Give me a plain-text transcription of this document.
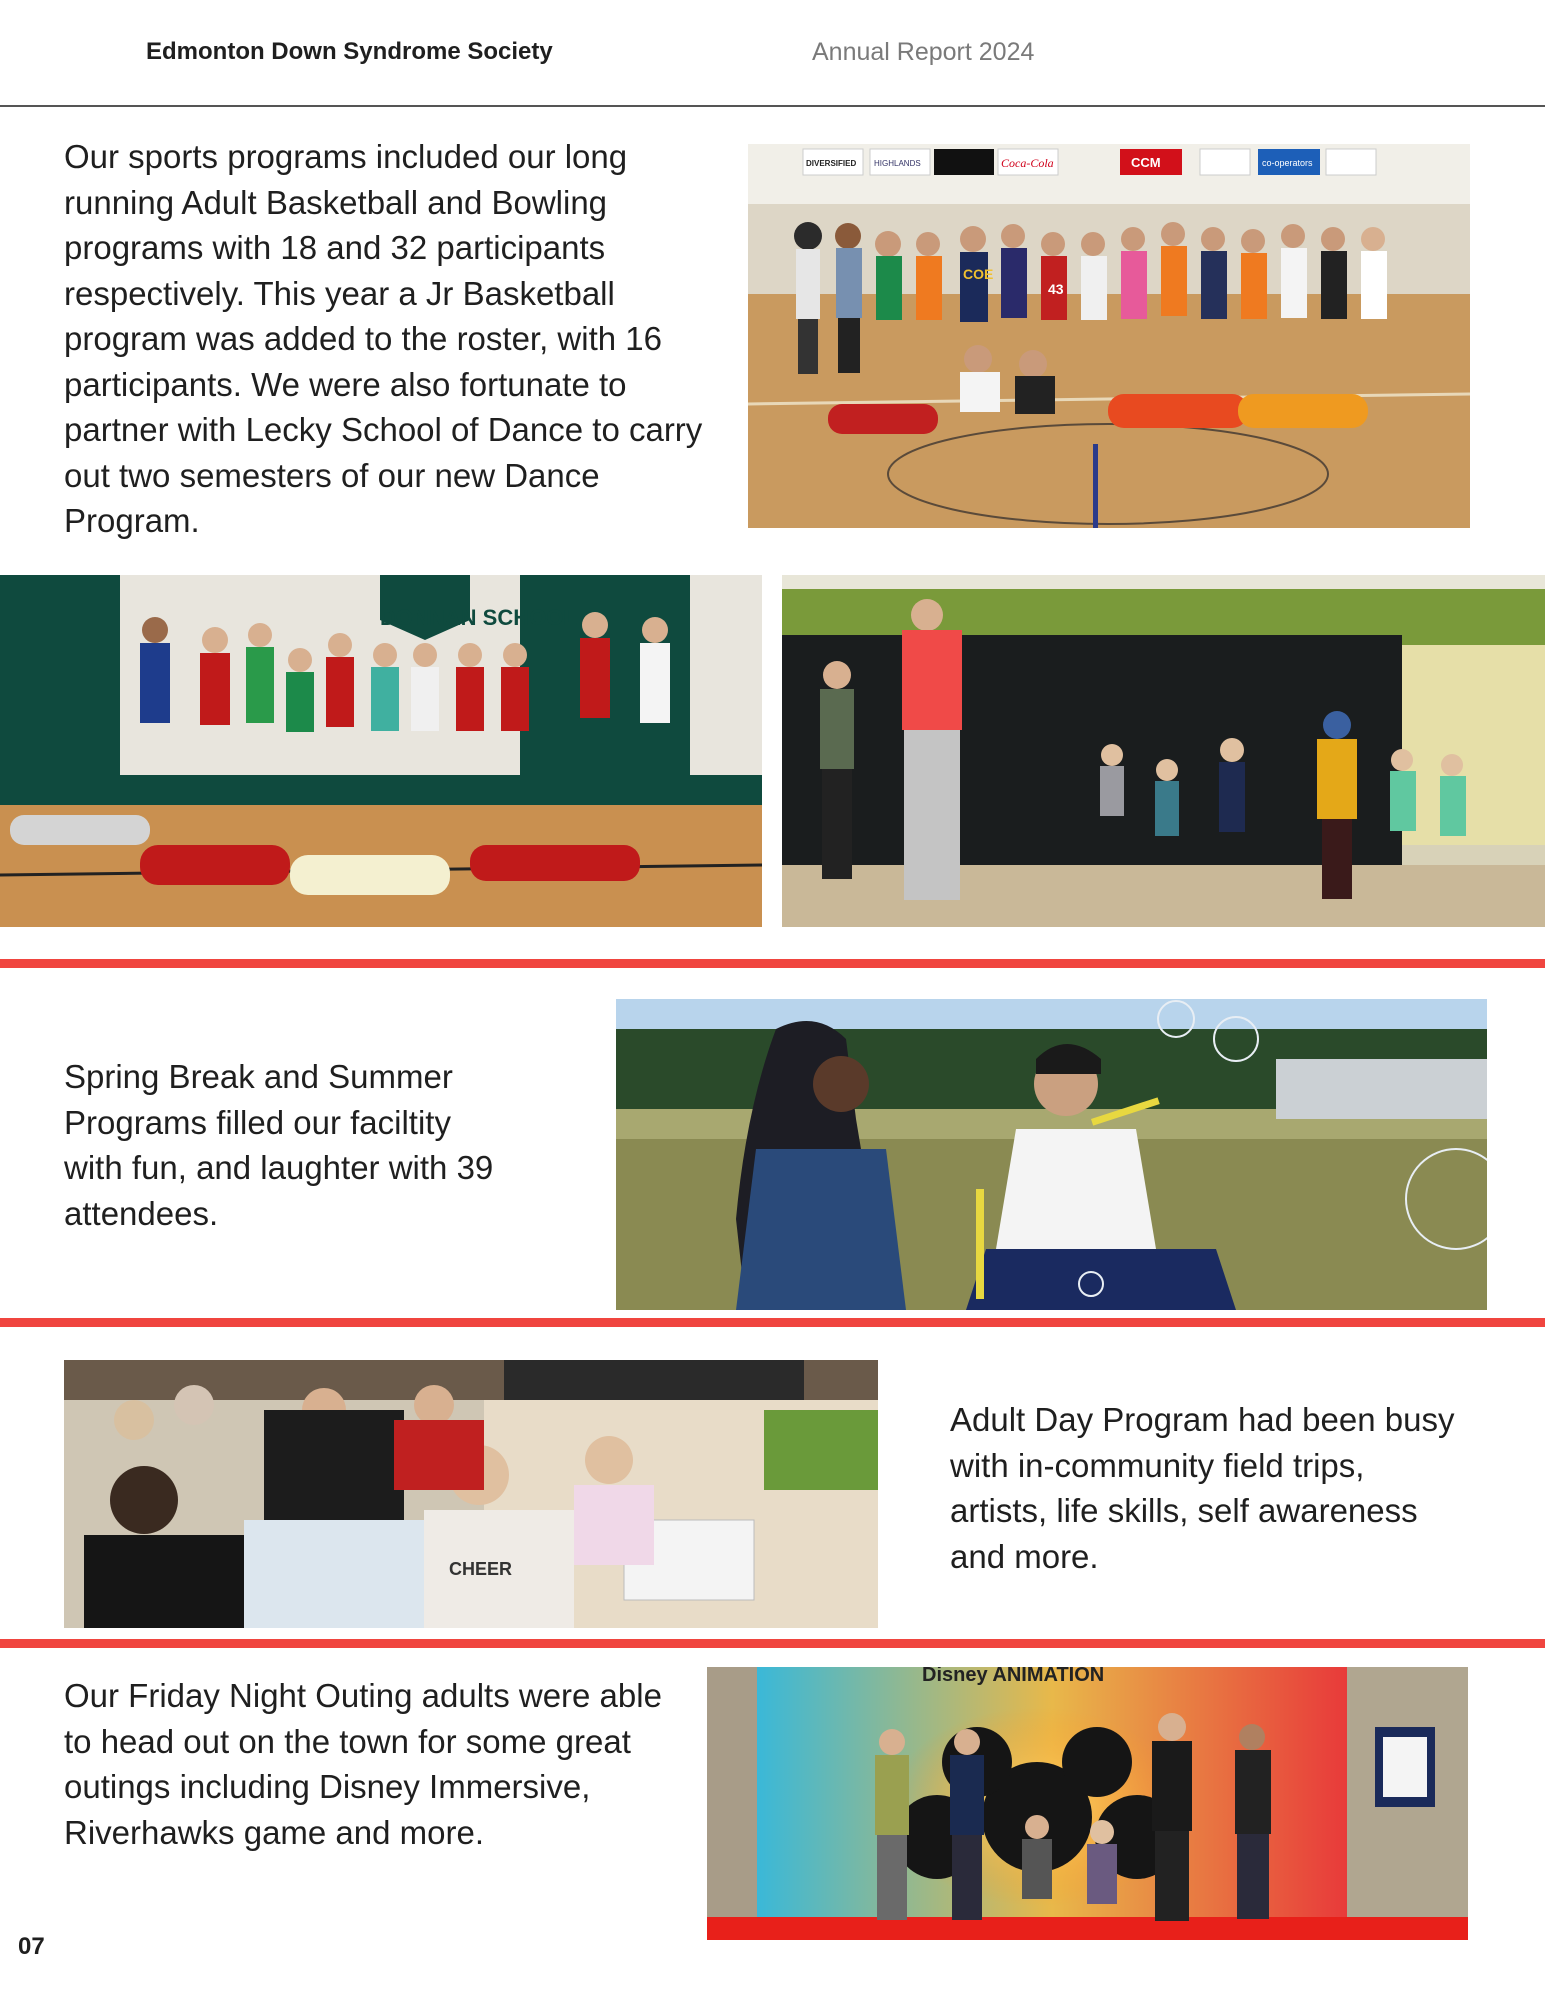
Edmonton Down Syndrome Society	Annual Report 2024

Our sports programs included our long running Adult Basketball and Bowling programs with 18 and 32 participants respectively. This year a Jr Basketball program was added to the roster, with 16 participants. We were also fortunate to partner with Lecky School of Dance to carry out two semesters of our new Dance Program.

DIVERSIFIED HIGHLANDS	Coca-Cola	CCM	co-operators
COE
43
DONNAN SCHOOL

Spring Break and Summer Programs filled our faciltity with fun, and laughter with 39 attendees.

CHEER

Adult Day Program had been busy with in-community field trips, artists, life skills, self awareness and more.

Our Friday Night Outing adults were able to head out on the town for some great outings including Disney Immersive, Riverhawks game and more.

Disney ANIMATION
07
